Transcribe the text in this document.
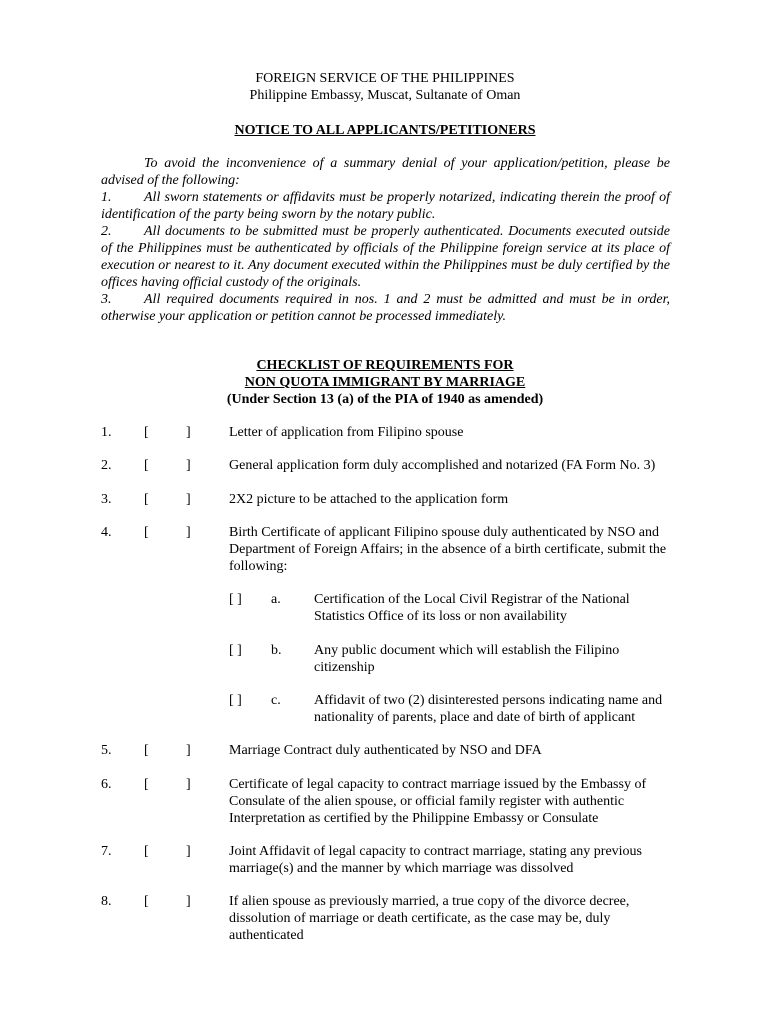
FOREIGN SERVICE OF THE PHILIPPINES
Philippine Embassy, Muscat, Sultanate of Oman
NOTICE TO ALL APPLICANTS/PETITIONERS

To avoid the inconvenience of a summary denial of your application/petition, please be advised of the following:

1. All sworn statements or affidavits must be properly notarized, indicating therein the proof of identification of the party being sworn by the notary public.

2. All documents to be submitted must be properly authenticated. Documents executed outside of the Philippines must be authenticated by officials of the Philippine foreign service at its place of execution or nearest to it. Any document executed within the Philippines must be duly certified by the offices having official custody of the originals.

3. All required documents required in nos. 1 and 2 must be admitted and must be in order, otherwise your application or petition cannot be processed immediately.

CHECKLIST OF REQUIREMENTS FOR
NON QUOTA IMMIGRANT BY MARRIAGE
(Under Section 13 (a) of the PIA of 1940 as amended)
1. [	]	Letter of application from Filipino spouse
2. [	]	General application form duly accomplished and notarized (FA Form No. 3)
3. [	]	2X2 picture to be attached to the application form
4. [	]	Birth Certificate of applicant Filipino spouse duly authenticated by NSO and Department of Foreign Affairs; in the absence of a birth certificate, submit the following:
[ ] a. Certification of the Local Civil Registrar of the National Statistics Office of its loss or non availability
[ ] b. Any public document which will establish the Filipino citizenship
[ ] c. Affidavit of two (2) disinterested persons indicating name and nationality of parents, place and date of birth of applicant
5. [	]	Marriage Contract duly authenticated by NSO and DFA
6. [	]	Certificate of legal capacity to contract marriage issued by the Embassy of Consulate of the alien spouse, or official family register with authentic Interpretation as certified by the Philippine Embassy or Consulate
7. [	]	Joint Affidavit of legal capacity to contract marriage, stating any previous marriage(s) and the manner by which marriage was dissolved
8. [	]	If alien spouse as previously married, a true copy of the divorce decree, dissolution of marriage or death certificate, as the case may be, duly authenticated
